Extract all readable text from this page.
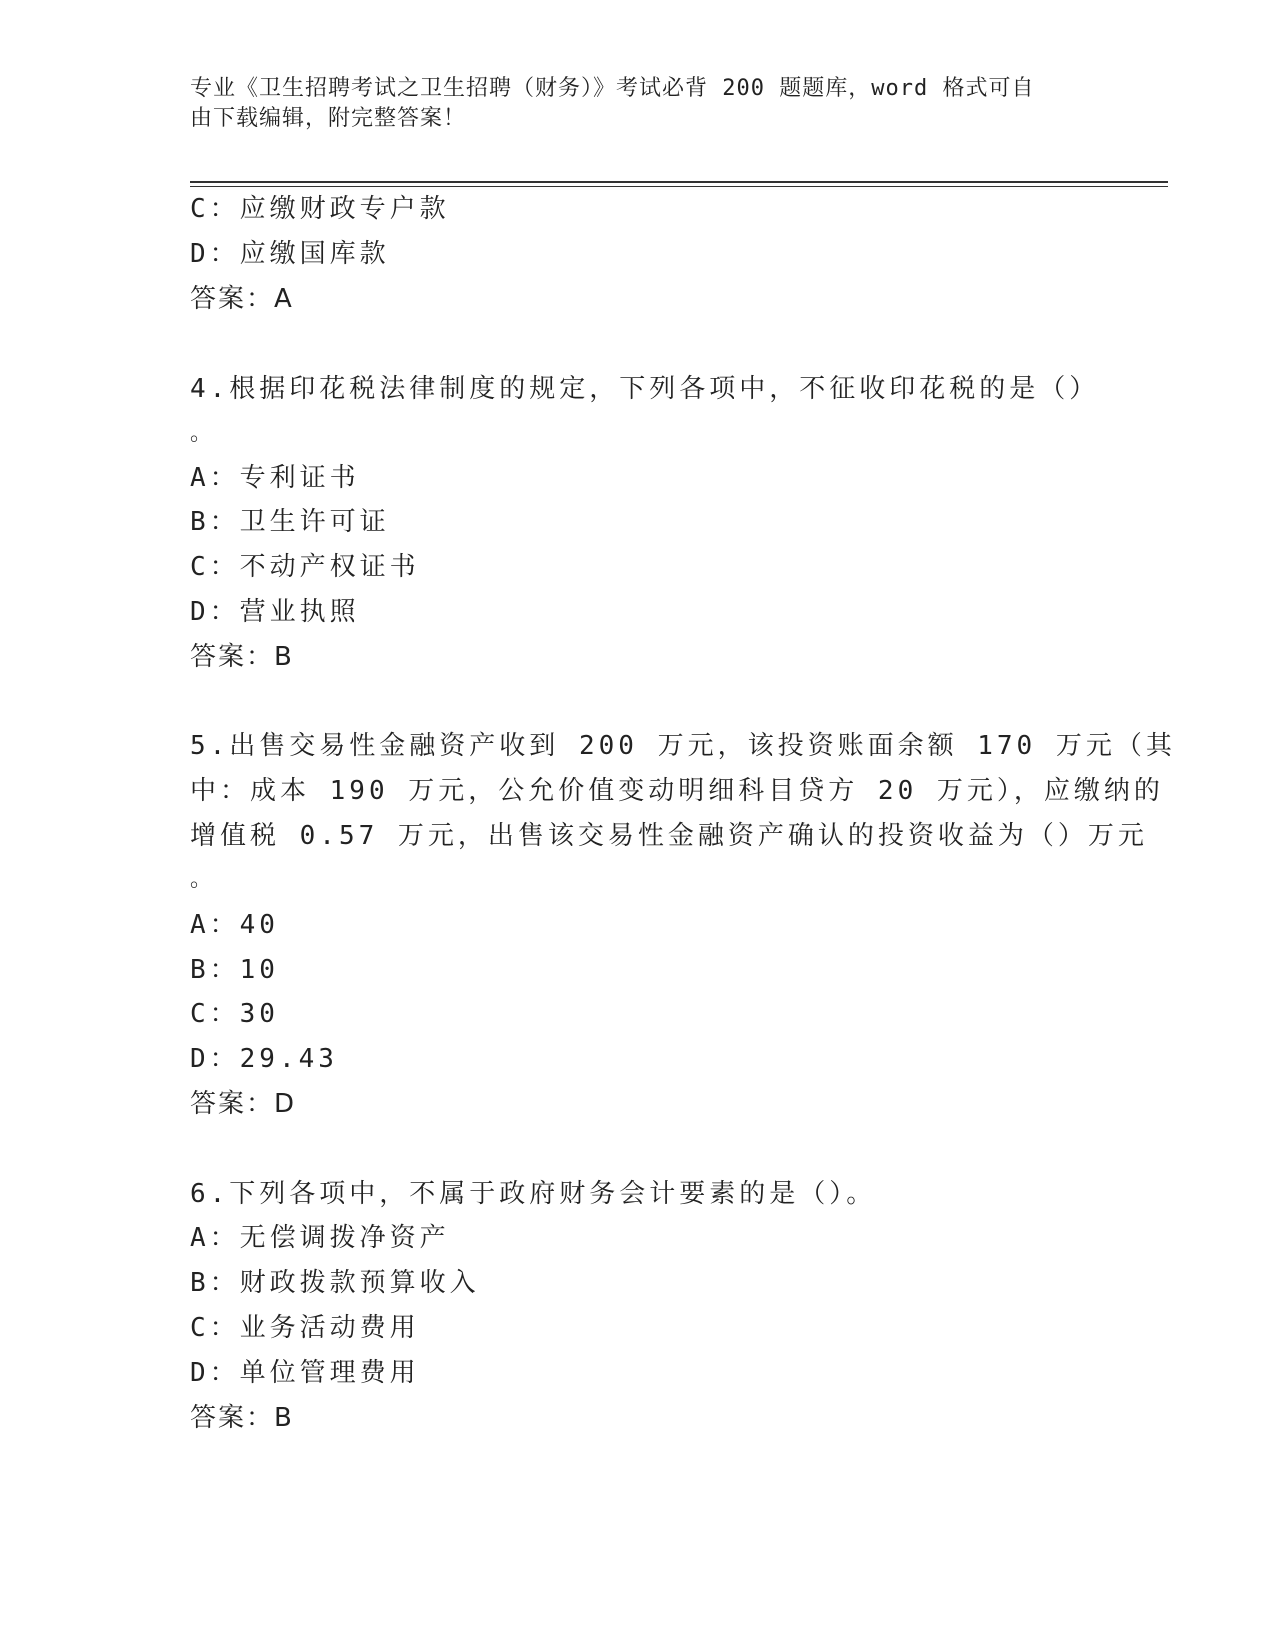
专业《卫生招聘考试之卫生招聘（财务）》考试必背 200 题题库，word 格式可自
由下载编辑，附完整答案！
C：应缴财政专户款
D：应缴国库款
答案：A
4.根据印花税法律制度的规定，下列各项中，不征收印花税的是（）
。
A：专利证书
B：卫生许可证
C：不动产权证书
D：营业执照
答案：B
5.出售交易性金融资产收到 200 万元，该投资账面余额 170 万元（其
中：成本 190 万元，公允价值变动明细科目贷方 20 万元），应缴纳的
增值税 0.57 万元，出售该交易性金融资产确认的投资收益为（）万元
。
A：40
B：10
C：30
D：29.43
答案：D
6.下列各项中，不属于政府财务会计要素的是（）。
A：无偿调拨净资产
B：财政拨款预算收入
C：业务活动费用
D：单位管理费用
答案：B
